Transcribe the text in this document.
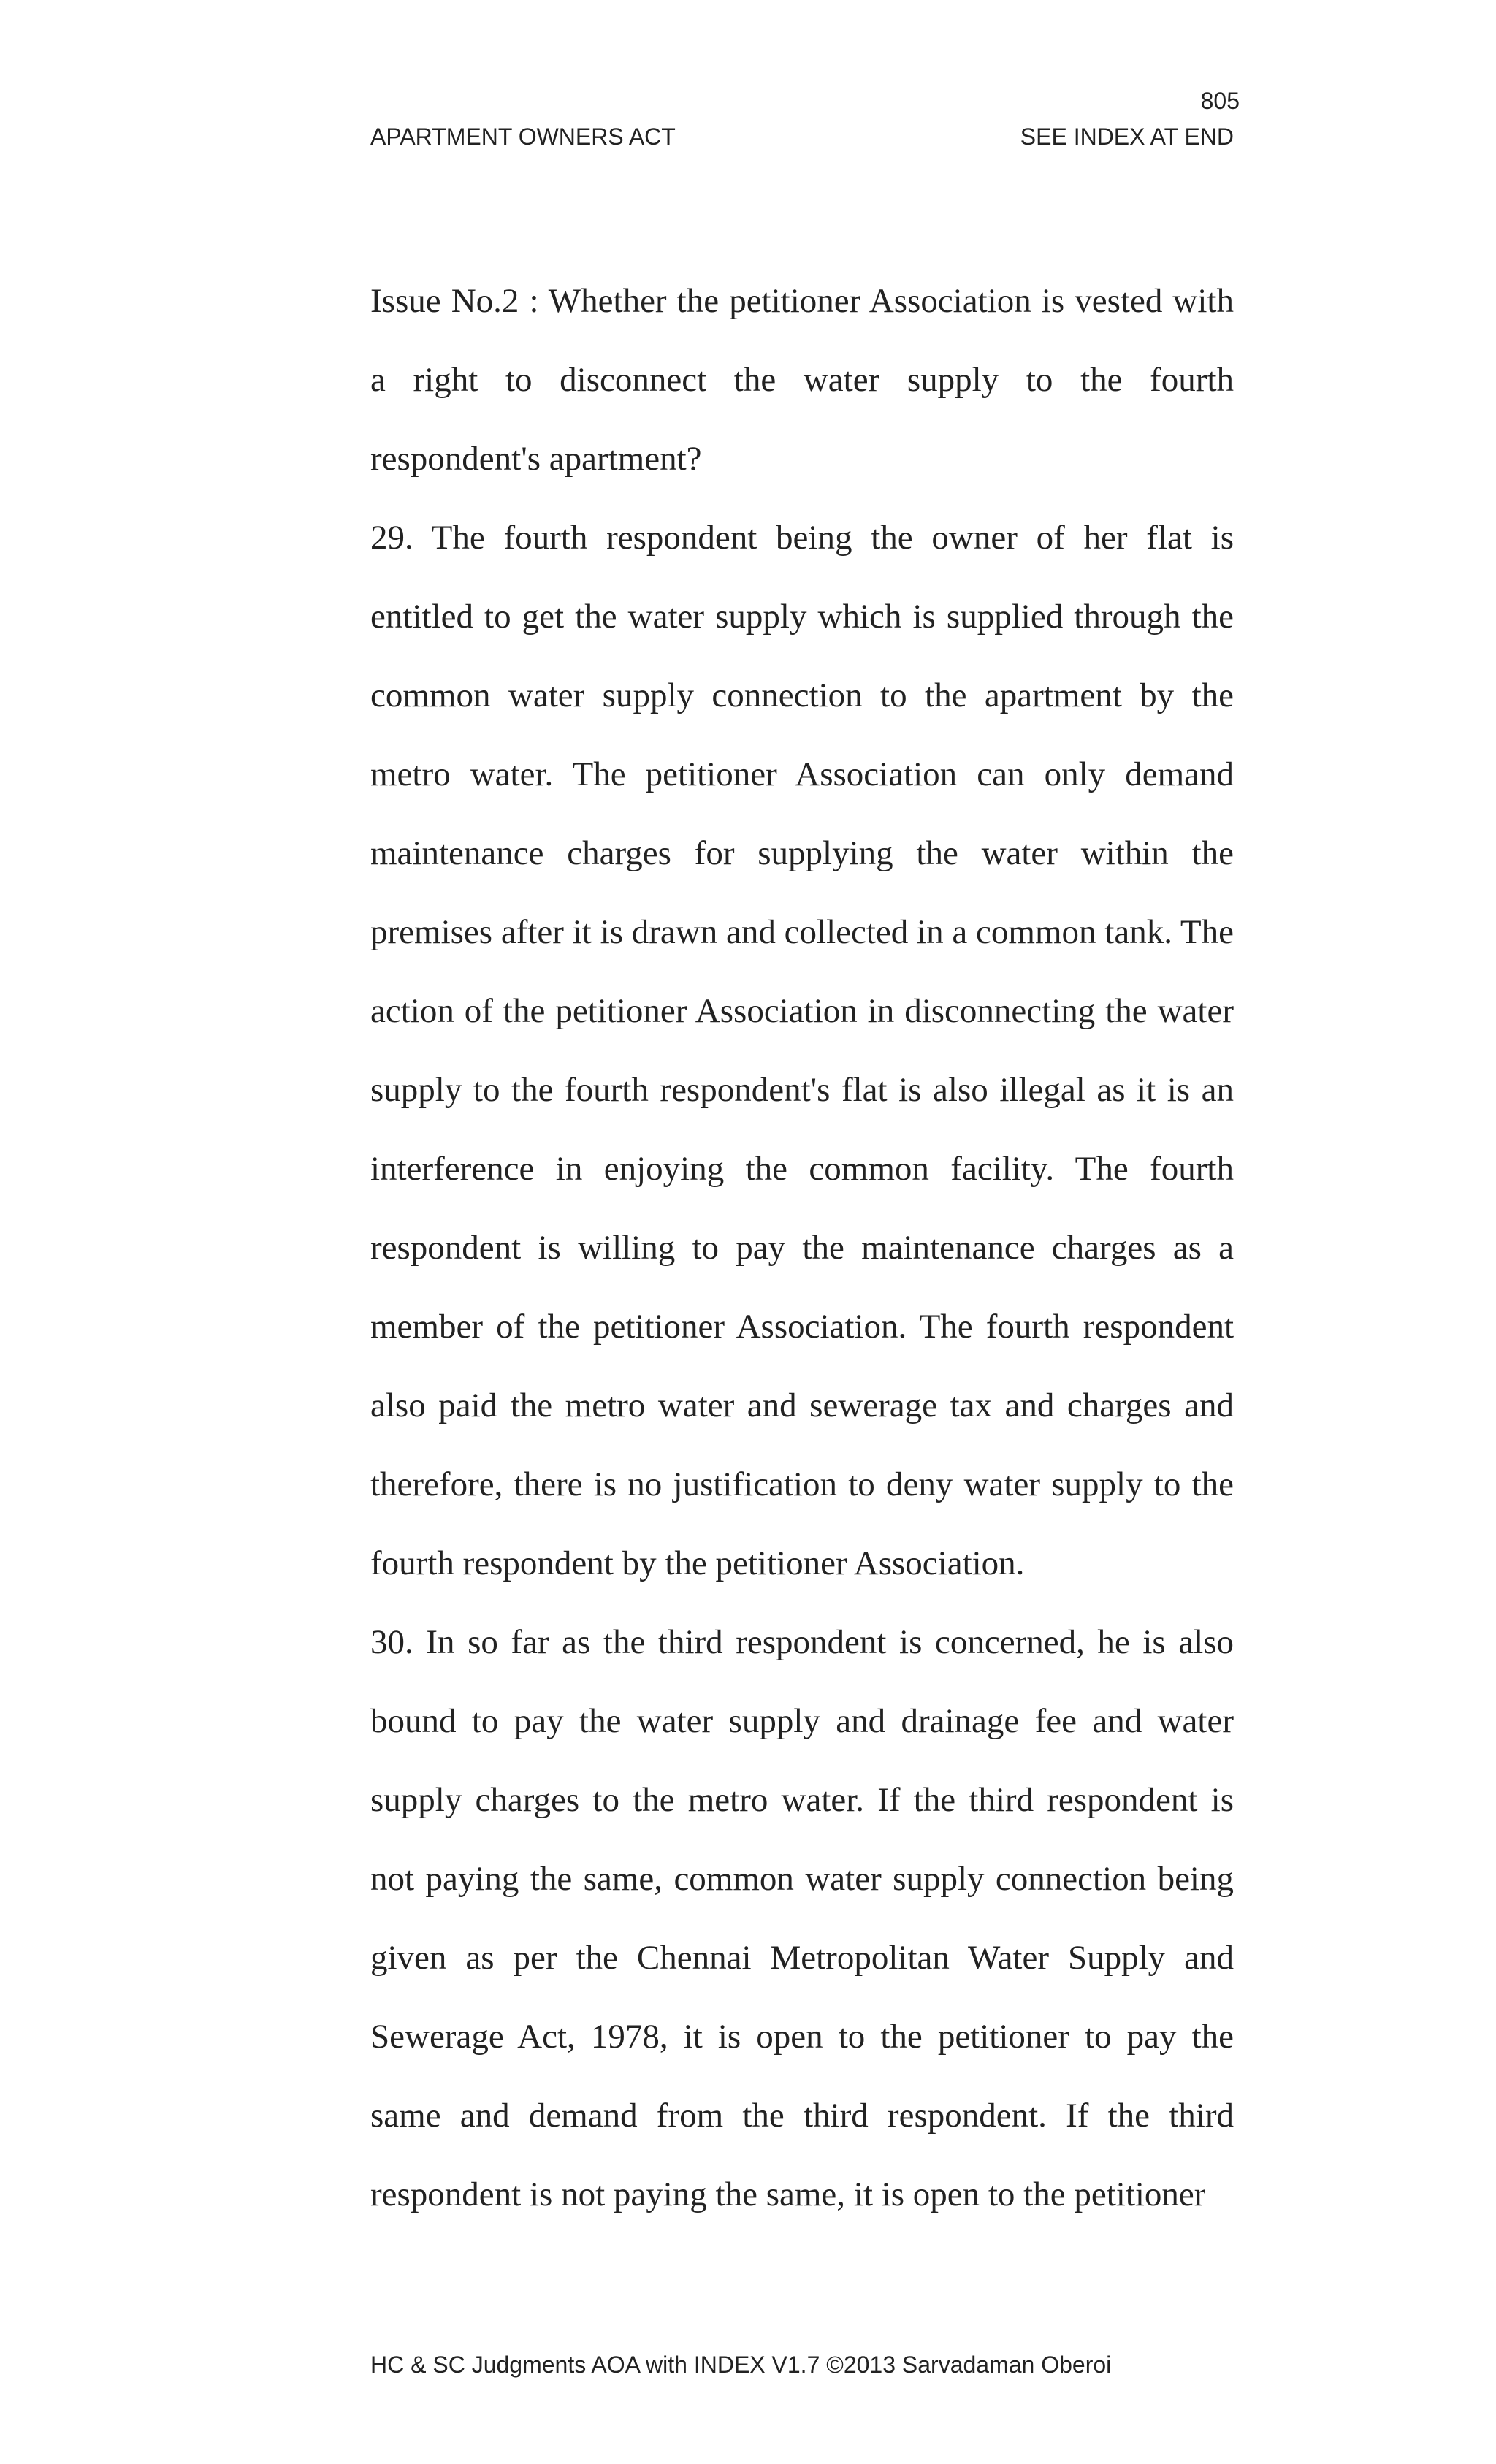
805
APARTMENT OWNERS ACT	SEE INDEX AT END

Issue No.2 : Whether the petitioner Association is vested with a right to disconnect the water supply to the fourth respondent's apartment?

29. The fourth respondent being the owner of her flat is entitled to get the water supply which is supplied through the common water supply connection to the apartment by the metro water. The petitioner Association can only demand maintenance charges for supplying the water within the premises after it is drawn and collected in a common tank. The action of the petitioner Association in disconnecting the water supply to the fourth respondent's flat is also illegal as it is an interference in enjoying the common facility. The fourth respondent is willing to pay the maintenance charges as a member of the petitioner Association. The fourth respondent also paid the metro water and sewerage tax and charges and therefore, there is no justification to deny water supply to the fourth respondent by the petitioner Association.

30. In so far as the third respondent is concerned, he is also bound to pay the water supply and drainage fee and water supply charges to the metro water. If the third respondent is not paying the same, common water supply connection being given as per the Chennai Metropolitan Water Supply and Sewerage Act, 1978, it is open to the petitioner to pay the same and demand from the third respondent. If the third respondent is not paying the same, it is open to the petitioner

HC & SC Judgments AOA with INDEX V1.7 ©2013 Sarvadaman Oberoi
